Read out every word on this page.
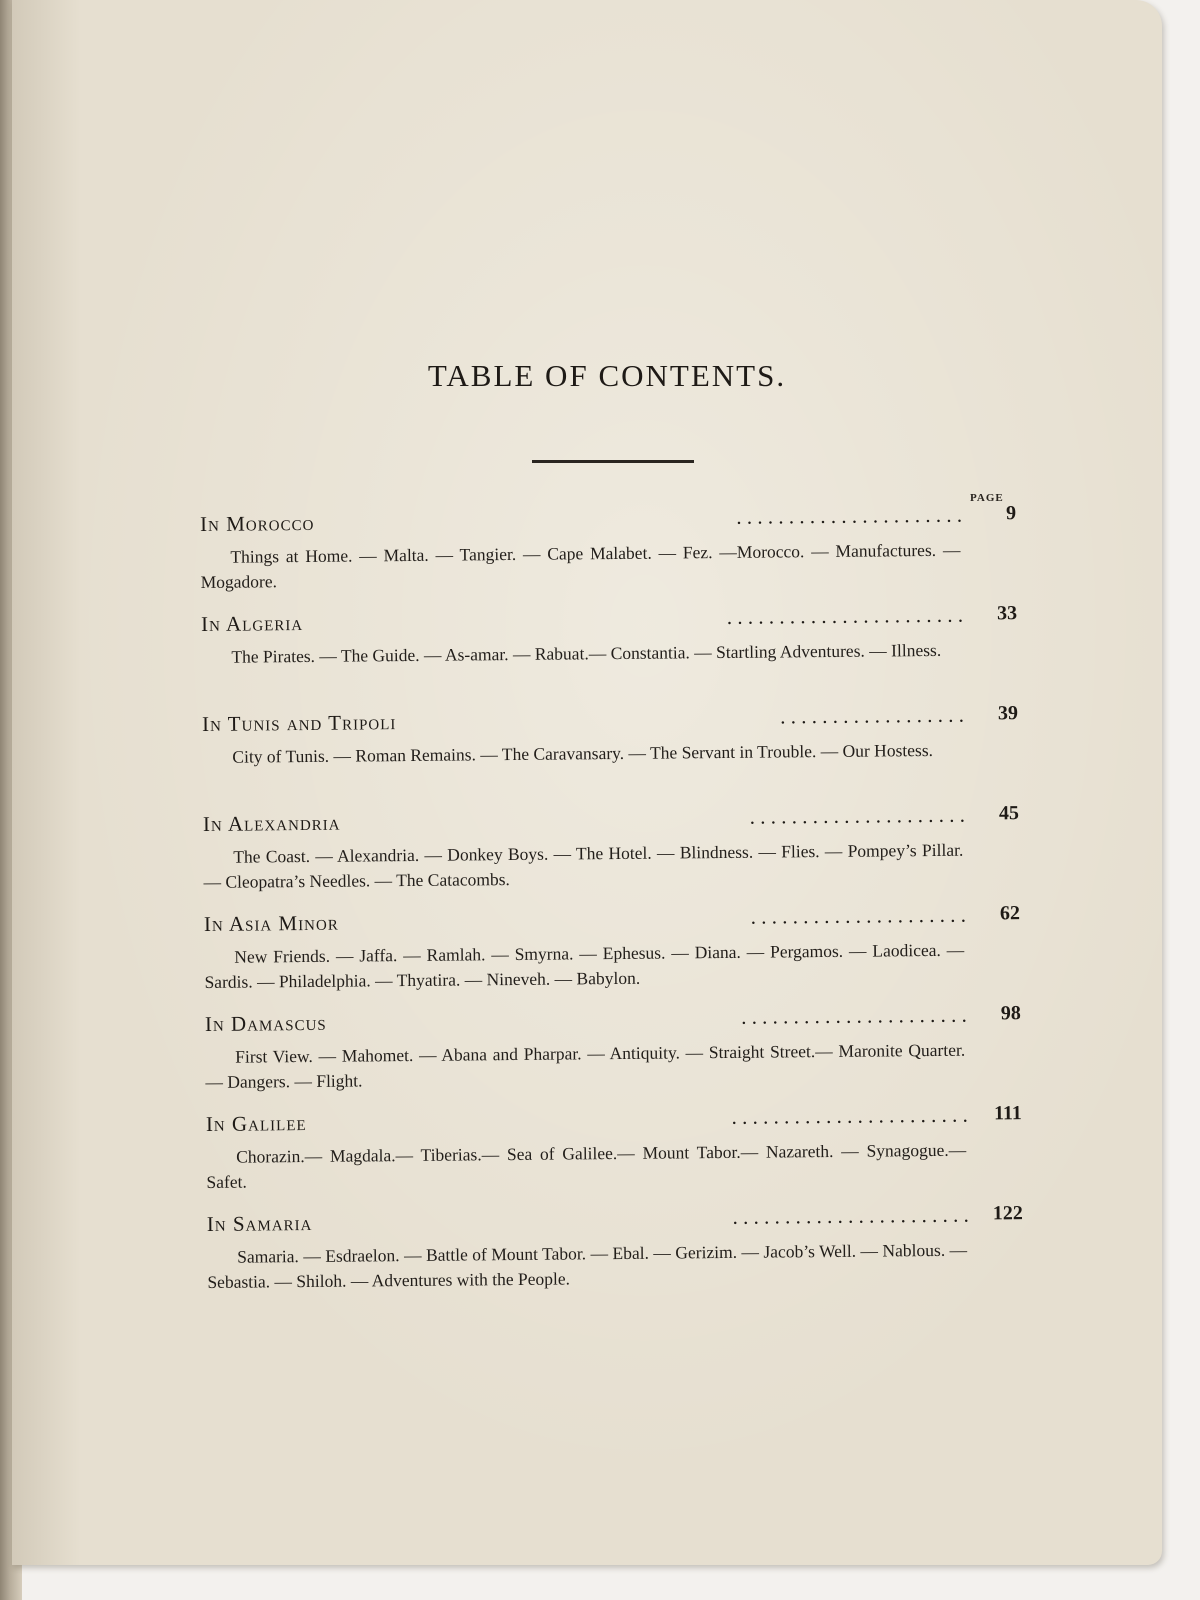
TABLE OF CONTENTS.
PAGE
In Morocco	. . . . . . . . . . . . . . . . . . . . . .	9
Things at Home. — Malta. — Tangier. — Cape Malabet. — Fez. —Morocco. — Manufactures. — Mogadore.
In Algeria	. . . . . . . . . . . . . . . . . . . . . . .	33
The Pirates. — The Guide. — As-amar. — Rabuat.— Constantia. — Startling Adventures. — Illness.
In Tunis and Tripoli	. . . . . . . . . . . . . . . . . .	39
City of Tunis. — Roman Remains. — The Caravansary. — The Servant in Trouble. — Our Hostess.
In Alexandria	. . . . . . . . . . . . . . . . . . . . .	45
The Coast. — Alexandria. — Donkey Boys. — The Hotel. — Blindness. — Flies. — Pompey’s Pillar. — Cleopatra’s Needles. — The Catacombs.
In Asia Minor	. . . . . . . . . . . . . . . . . . . . .	62
New Friends. — Jaffa. — Ramlah. — Smyrna. — Ephesus. — Diana. — Pergamos. — Laodicea. — Sardis. — Philadelphia. — Thyatira. — Nineveh. — Babylon.
In Damascus	. . . . . . . . . . . . . . . . . . . . . .	98
First View. — Mahomet. — Abana and Pharpar. — Antiquity. — Straight Street.— Maronite Quarter. — Dangers. — Flight.
In Galilee	. . . . . . . . . . . . . . . . . . . . . . .	111
Chorazin.— Magdala.— Tiberias.— Sea of Galilee.— Mount Tabor.— Nazareth. — Synagogue.— Safet.
In Samaria	. . . . . . . . . . . . . . . . . . . . . . .	122
Samaria. — Esdraelon. — Battle of Mount Tabor. — Ebal. — Gerizim. — Jacob’s Well. — Nablous. — Sebastia. — Shiloh. — Adventures with the People.
